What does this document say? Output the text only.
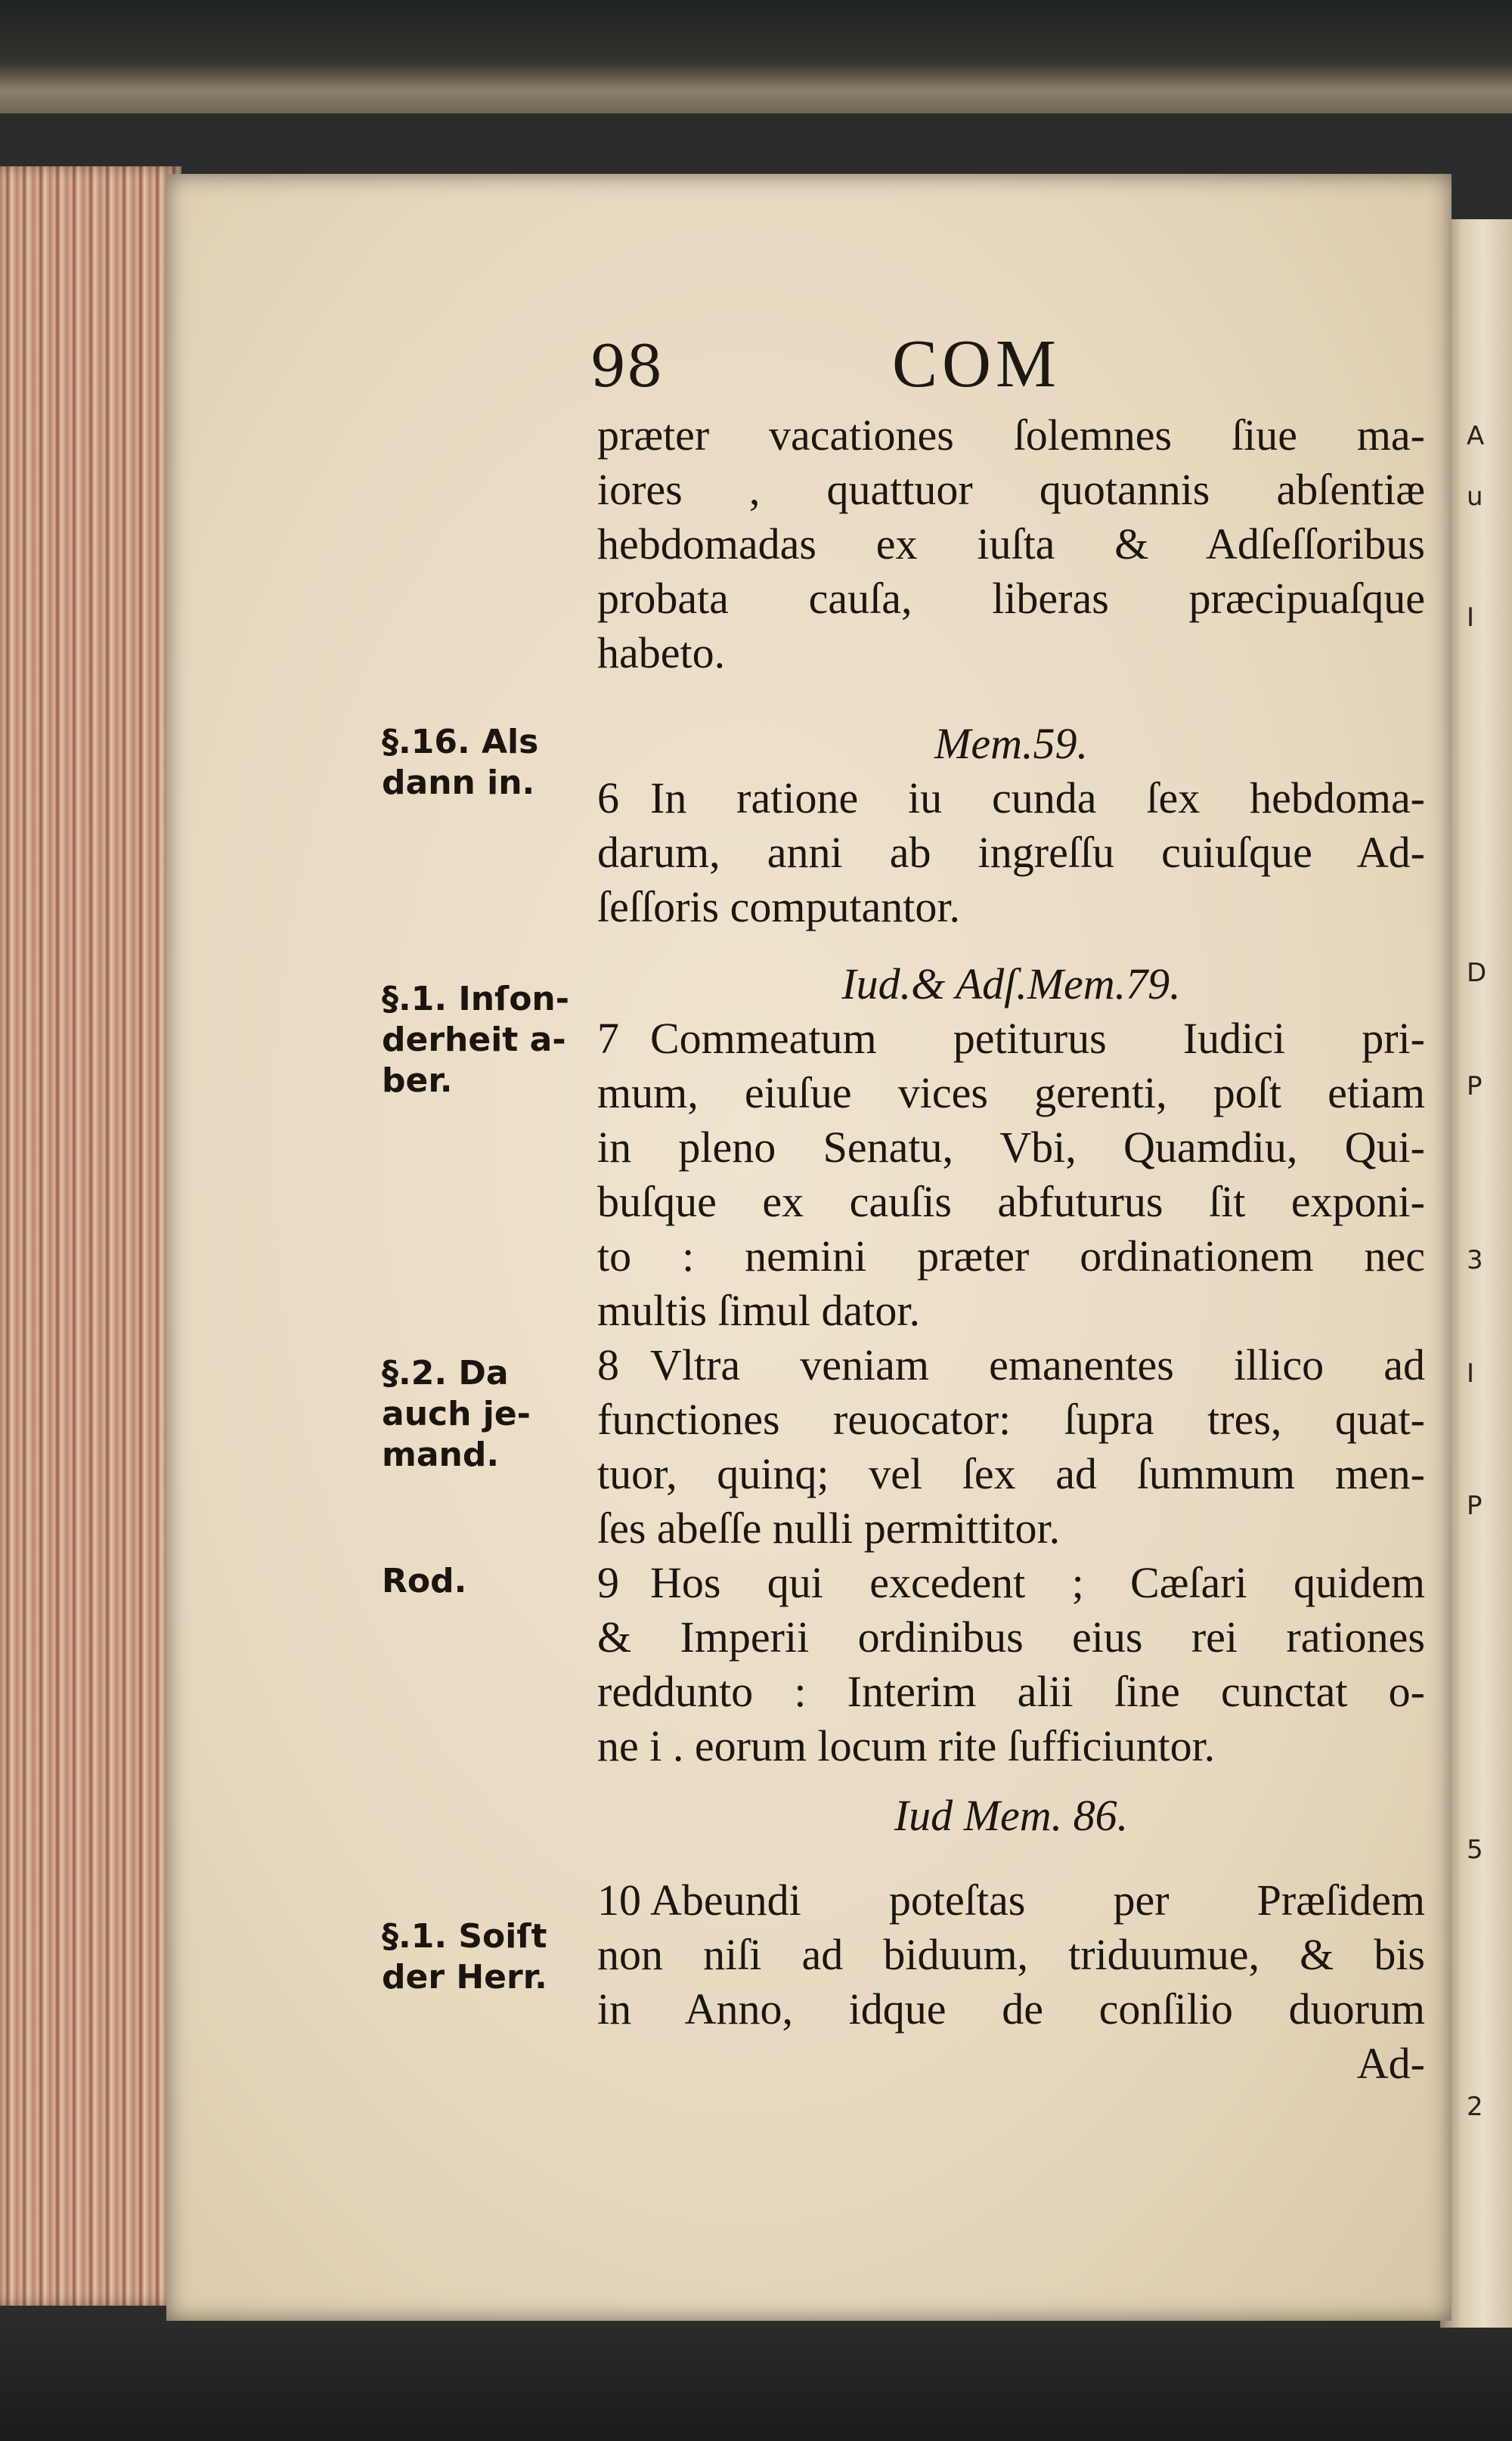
A
u
I
D
P
3
I
P
5
2
98	COM
præter vacationes ſolemnes ſiue ma-
iores , quattuor quotannis abſentiæ
hebdomadas ex iuſta & Adſeſſoribus
probata cauſa, liberas præcipuaſque
habeto.
Mem.59.
6 In ratione iu cunda ſex hebdoma-
darum, anni ab ingreſſu cuiuſque Ad-
ſeſſoris computantor.
Iud.& Adſ.Mem.79.
7 Commeatum petiturus Iudici pri-
mum, eiuſue vices gerenti, poſt etiam
in pleno Senatu, Vbi, Quamdiu, Qui-
buſque ex cauſis abfuturus ſit exponi-
to : nemini præter ordinationem nec
multis ſimul dator.
8 Vltra veniam emanentes illico ad
functiones reuocator: ſupra tres, quat-
tuor, quinq; vel ſex ad ſummum men-
ſes abeſſe nulli permittitor.
9 Hos qui excedent ; Cæſari quidem
& Imperii ordinibus eius rei rationes
reddunto : Interim alii ſine cunctat o-
ne i . eorum locum rite ſufficiuntor.
Iud Mem. 86.
10 Abeundi poteſtas per Præſidem
non niſi ad biduum, triduumue, & bis
in Anno, idque de conſilio duorum
Ad-
§.16. Als
dann in.
§.1. Inſon-
derheit a-
ber.
§.2. Da
auch je-
mand.
Rod.
§.1. Soiſt
der Herr.
